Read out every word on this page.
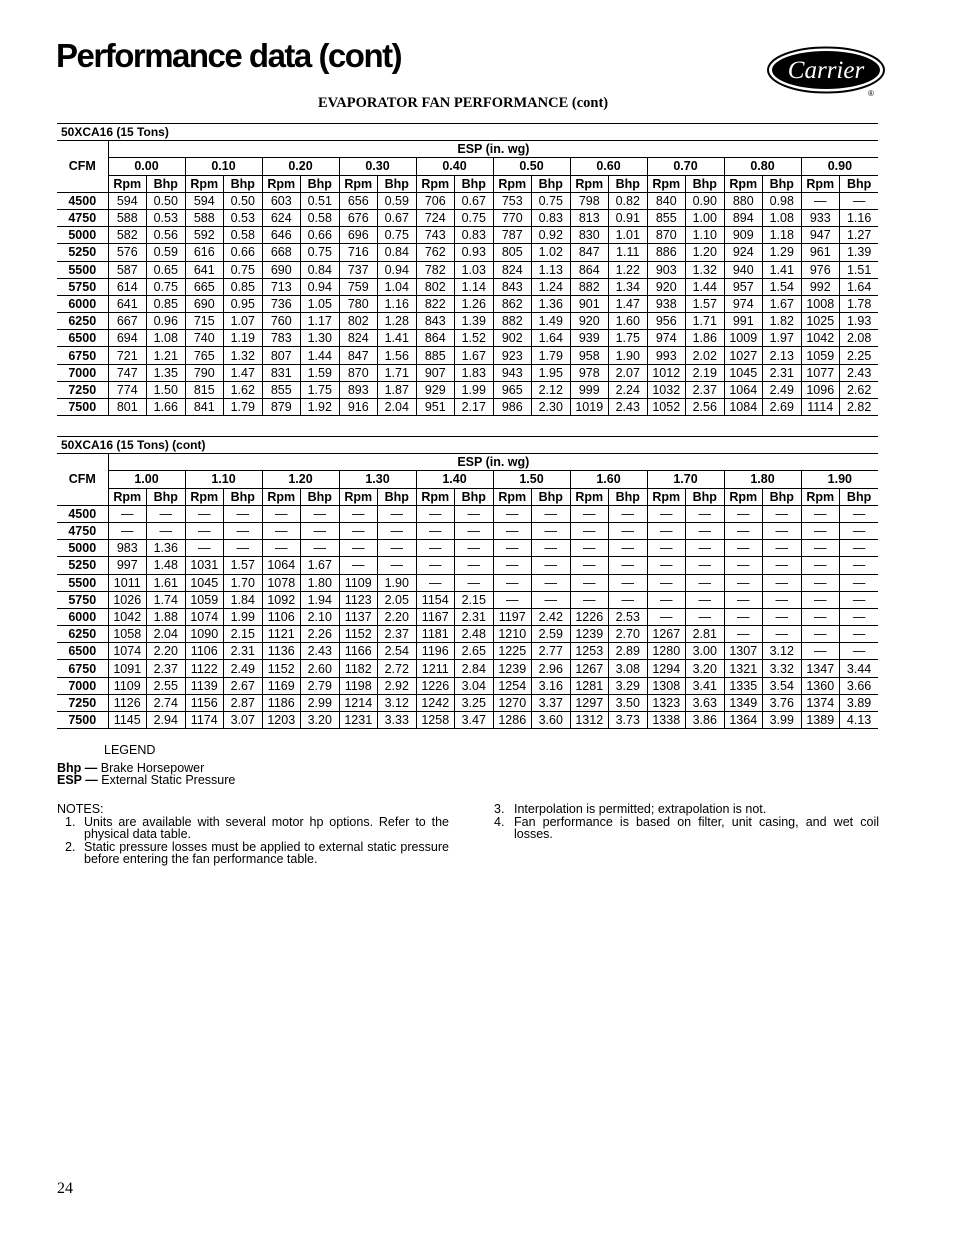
Performance data (cont)	Carrier
®
EVAPORATOR FAN PERFORMANCE (cont)
50XCA16 (15 Tons)																				
CFM	ESP (in. wg)																			
	0.00		0.10		0.20		0.30		0.40		0.50		0.60		0.70		0.80		0.90	
	Rpm	Bhp	Rpm	Bhp	Rpm	Bhp	Rpm	Bhp	Rpm	Bhp	Rpm	Bhp	Rpm	Bhp	Rpm	Bhp	Rpm	Bhp	Rpm	Bhp
4500	594	0.50	594	0.50	603	0.51	656	0.59	706	0.67	753	0.75	798	0.82	840	0.90	880	0.98	—	—
4750	588	0.53	588	0.53	624	0.58	676	0.67	724	0.75	770	0.83	813	0.91	855	1.00	894	1.08	933	1.16
5000	582	0.56	592	0.58	646	0.66	696	0.75	743	0.83	787	0.92	830	1.01	870	1.10	909	1.18	947	1.27
5250	576	0.59	616	0.66	668	0.75	716	0.84	762	0.93	805	1.02	847	1.11	886	1.20	924	1.29	961	1.39
5500	587	0.65	641	0.75	690	0.84	737	0.94	782	1.03	824	1.13	864	1.22	903	1.32	940	1.41	976	1.51
5750	614	0.75	665	0.85	713	0.94	759	1.04	802	1.14	843	1.24	882	1.34	920	1.44	957	1.54	992	1.64
6000	641	0.85	690	0.95	736	1.05	780	1.16	822	1.26	862	1.36	901	1.47	938	1.57	974	1.67	1008	1.78
6250	667	0.96	715	1.07	760	1.17	802	1.28	843	1.39	882	1.49	920	1.60	956	1.71	991	1.82	1025	1.93
6500	694	1.08	740	1.19	783	1.30	824	1.41	864	1.52	902	1.64	939	1.75	974	1.86	1009	1.97	1042	2.08
6750	721	1.21	765	1.32	807	1.44	847	1.56	885	1.67	923	1.79	958	1.90	993	2.02	1027	2.13	1059	2.25
7000	747	1.35	790	1.47	831	1.59	870	1.71	907	1.83	943	1.95	978	2.07	1012	2.19	1045	2.31	1077	2.43
7250	774	1.50	815	1.62	855	1.75	893	1.87	929	1.99	965	2.12	999	2.24	1032	2.37	1064	2.49	1096	2.62
7500	801	1.66	841	1.79	879	1.92	916	2.04	951	2.17	986	2.30	1019	2.43	1052	2.56	1084	2.69	1114	2.82
50XCA16 (15 Tons) (cont)																				
CFM	ESP (in. wg)																			
	1.00		1.10		1.20		1.30		1.40		1.50		1.60		1.70		1.80		1.90	
	Rpm	Bhp	Rpm	Bhp	Rpm	Bhp	Rpm	Bhp	Rpm	Bhp	Rpm	Bhp	Rpm	Bhp	Rpm	Bhp	Rpm	Bhp	Rpm	Bhp
4500	—	—	—	—	—	—	—	—	—	—	—	—	—	—	—	—	—	—	—	—
4750	—	—	—	—	—	—	—	—	—	—	—	—	—	—	—	—	—	—	—	—
5000	983	1.36	—	—	—	—	—	—	—	—	—	—	—	—	—	—	—	—	—	—
5250	997	1.48	1031	1.57	1064	1.67	—	—	—	—	—	—	—	—	—	—	—	—	—	—
5500	1011	1.61	1045	1.70	1078	1.80	1109	1.90	—	—	—	—	—	—	—	—	—	—	—	—
5750	1026	1.74	1059	1.84	1092	1.94	1123	2.05	1154	2.15	—	—	—	—	—	—	—	—	—	—
6000	1042	1.88	1074	1.99	1106	2.10	1137	2.20	1167	2.31	1197	2.42	1226	2.53	—	—	—	—	—	—
6250	1058	2.04	1090	2.15	1121	2.26	1152	2.37	1181	2.48	1210	2.59	1239	2.70	1267	2.81	—	—	—	—
6500	1074	2.20	1106	2.31	1136	2.43	1166	2.54	1196	2.65	1225	2.77	1253	2.89	1280	3.00	1307	3.12	—	—
6750	1091	2.37	1122	2.49	1152	2.60	1182	2.72	1211	2.84	1239	2.96	1267	3.08	1294	3.20	1321	3.32	1347	3.44
7000	1109	2.55	1139	2.67	1169	2.79	1198	2.92	1226	3.04	1254	3.16	1281	3.29	1308	3.41	1335	3.54	1360	3.66
7250	1126	2.74	1156	2.87	1186	2.99	1214	3.12	1242	3.25	1270	3.37	1297	3.50	1323	3.63	1349	3.76	1374	3.89
7500	1145	2.94	1174	3.07	1203	3.20	1231	3.33	1258	3.47	1286	3.60	1312	3.73	1338	3.86	1364	3.99	1389	4.13
LEGEND
Bhp — Brake Horsepower
ESP — External Static Pressure
NOTES:
1. Units are available with several motor hp options. Refer to the physical data table.
2. Static pressure losses must be applied to external static pressure before entering the fan performance table.
3. Interpolation is permitted; extrapolation is not.
4. Fan performance is based on filter, unit casing, and wet coil losses.
24
